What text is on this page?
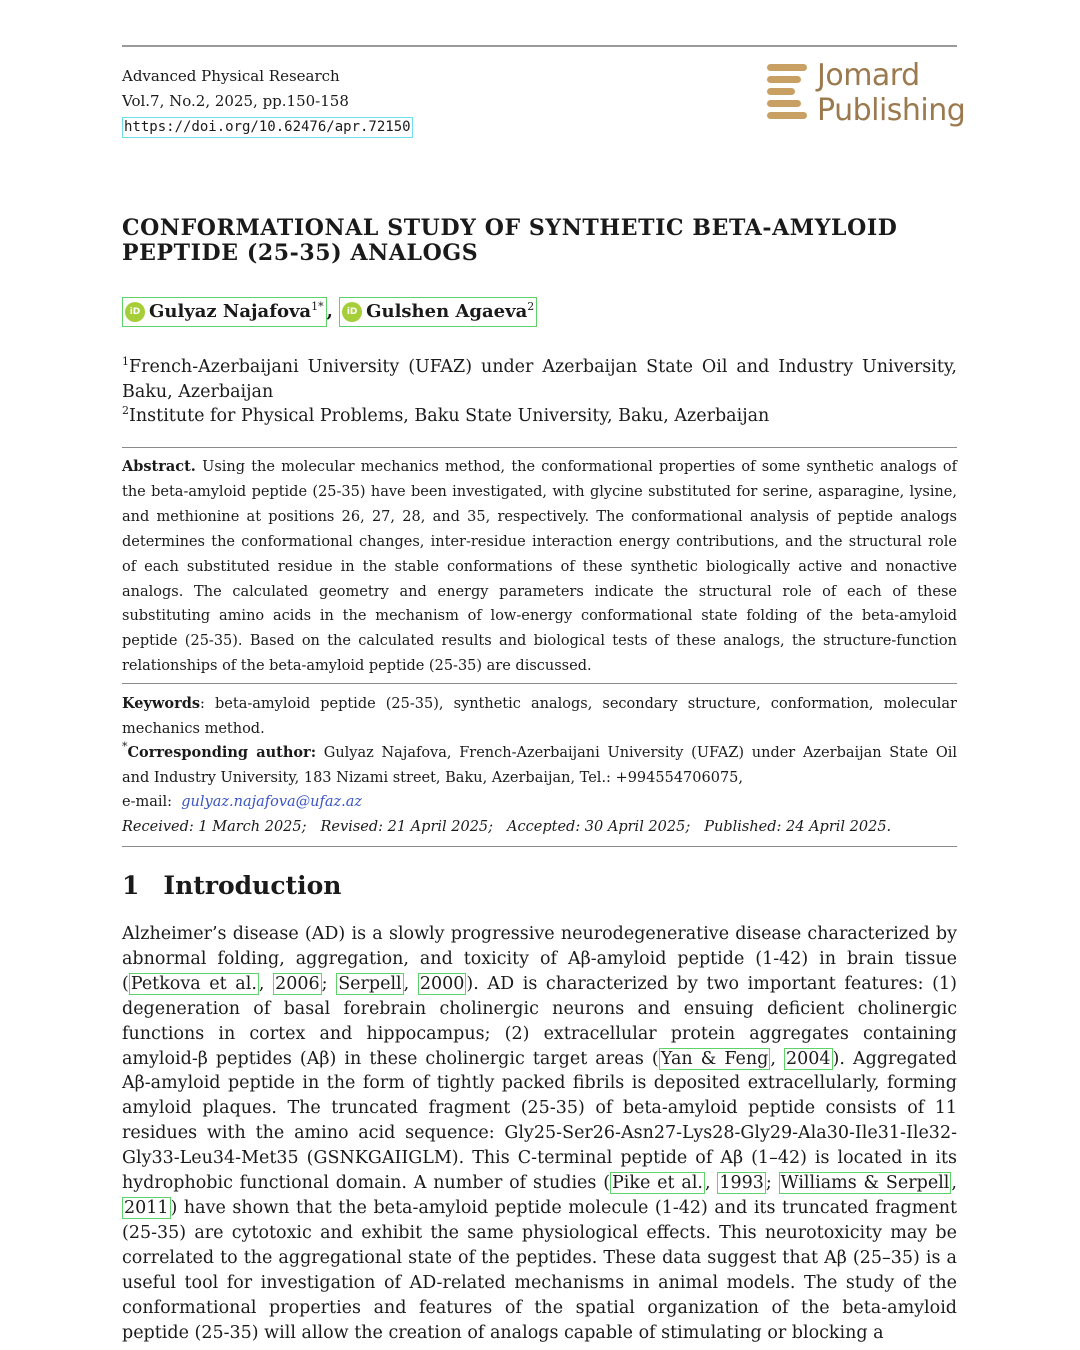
Advanced Physical Research
Vol.7, No.2, 2025, pp.150-158
https://doi.org/10.62476/apr.72150
Jomard
Publishing
CONFORMATIONAL STUDY OF SYNTHETIC BETA-AMYLOID PEPTIDE (25-35) ANALOGS
iD Gulyaz Najafova$^{1*}$ , iD Gulshen Agaeva$^2$

$^1$French-Azerbaijani University (UFAZ) under Azerbaijan State Oil and Industry University, Baku, Azerbaijan

$^2$Institute for Physical Problems, Baku State University, Baku, Azerbaijan

Abstract. Using the molecular mechanics method, the conformational properties of some synthetic analogs of the beta-amyloid peptide (25-35) have been investigated, with glycine substituted for serine, asparagine, lysine, and methionine at positions 26, 27, 28, and 35, respectively. The conformational analysis of peptide analogs determines the conformational changes, inter-residue interaction energy contributions, and the structural role of each substituted residue in the stable conformations of these synthetic biologically active and nonactive analogs. The calculated geometry and energy parameters indicate the structural role of each of these substituting amino acids in the mechanism of low-energy conformational state folding of the beta-amyloid peptide (25-35). Based on the calculated results and biological tests of these analogs, the structure-function relationships of the beta-amyloid peptide (25-35) are discussed.

Keywords: beta-amyloid peptide (25-35), synthetic analogs, secondary structure, conformation, molecular mechanics method.

*Corresponding author: Gulyaz Najafova, French-Azerbaijani University (UFAZ) under Azerbaijan State Oil and Industry University, 183 Nizami street, Baku, Azerbaijan, Tel.: +994554706075,

e-mail: gulyaz.najafova@ufaz.az

Received: 1 March 2025; Revised: 21 April 2025; Accepted: 30 April 2025; Published: 24 April 2025.

1 Introduction
Alzheimer’s disease (AD) is a slowly progressive neurodegenerative disease characterized by abnormal folding, aggregation, and toxicity of Aβ-amyloid peptide (1-42) in brain tissue ( Petkova et al. , 2006 ; Serpell , 2000 ). AD is characterized by two important features: (1) degeneration of basal forebrain cholinergic neurons and ensuing deficient cholinergic functions in cortex and hippocampus; (2) extracellular protein aggregates containing amyloid-β peptides (Aβ) in these cholinergic target areas ( Yan & Feng , 2004 ). Aggregated Aβ-amyloid peptide in the form of tightly packed fibrils is deposited extracellularly, forming amyloid plaques. The truncated fragment (25-35) of beta-amyloid peptide consists of 11 residues with the amino acid sequence: Gly25-Ser26-Asn27-Lys28-Gly29-Ala30-Ile31-Ile32-Gly33-Leu34-Met35 (GSNKGAIIGLM). This C-terminal peptide of Aβ (1–42) is located in its hydrophobic functional domain. A number of studies ( Pike et al. , 1993 ; Williams & Serpell , 2011 ) have shown that the beta-amyloid peptide molecule (1-42) and its truncated fragment (25-35) are cytotoxic and exhibit the same physiological effects. This neurotoxicity may be correlated to the aggregational state of the peptides. These data suggest that Aβ (25–35) is a useful tool for investigation of AD-related mechanisms in animal models. The study of the conformational properties and features of the spatial organization of the beta-amyloid peptide (25-35) will allow the creation of analogs capable of stimulating or blocking a
